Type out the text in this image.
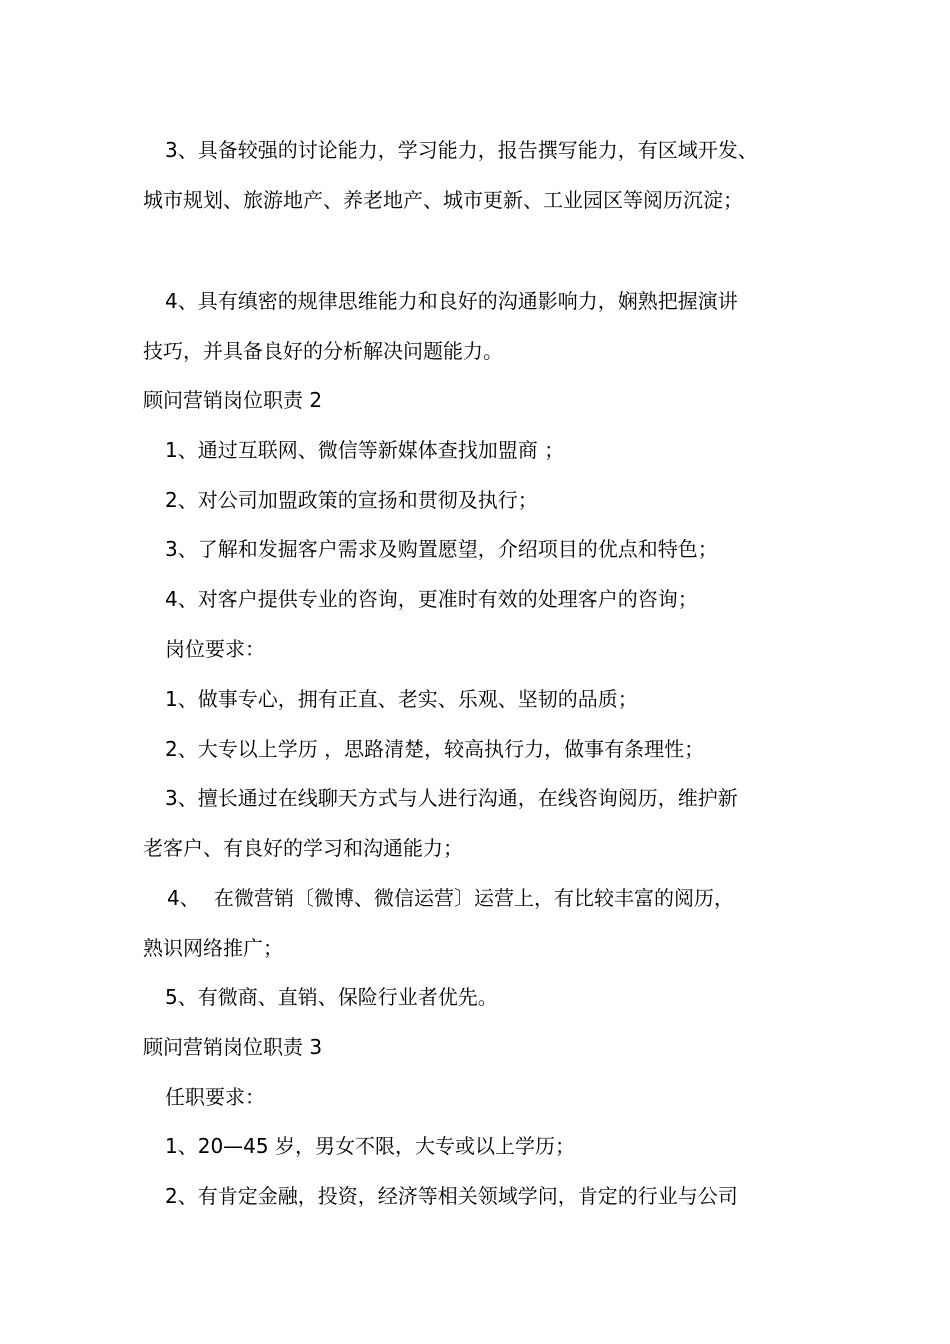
3、具备较强的讨论能力，学习能力，报告撰写能力，有区域开发、
城市规划、旅游地产、养老地产、城市更新、工业园区等阅历沉淀；
4、具有缜密的规律思维能力和良好的沟通影响力，娴熟把握演讲
技巧，并具备良好的分析解决问题能力。
顾问营销岗位职责 2
1、通过互联网、微信等新媒体查找加盟商 ；
2、对公司加盟政策的宣扬和贯彻及执行；
3、了解和发掘客户需求及购置愿望，介绍项目的优点和特色；
4、对客户提供专业的咨询，更准时有效的处理客户的咨询；
岗位要求：
1、做事专心，拥有正直、老实、乐观、坚韧的品质；
2、大专以上学历 ，思路清楚，较高执行力，做事有条理性；
3、擅长通过在线聊天方式与人进行沟通，在线咨询阅历，维护新
老客户、有良好的学习和沟通能力；
4、 在微营销〔微博、微信运营〕运营上，有比较丰富的阅历，
熟识网络推广；
5、有微商、直销、保险行业者优先。
顾问营销岗位职责 3
任职要求：
1、20—45 岁，男女不限，大专或以上学历；
2、有肯定金融，投资，经济等相关领域学问，肯定的行业与公司
